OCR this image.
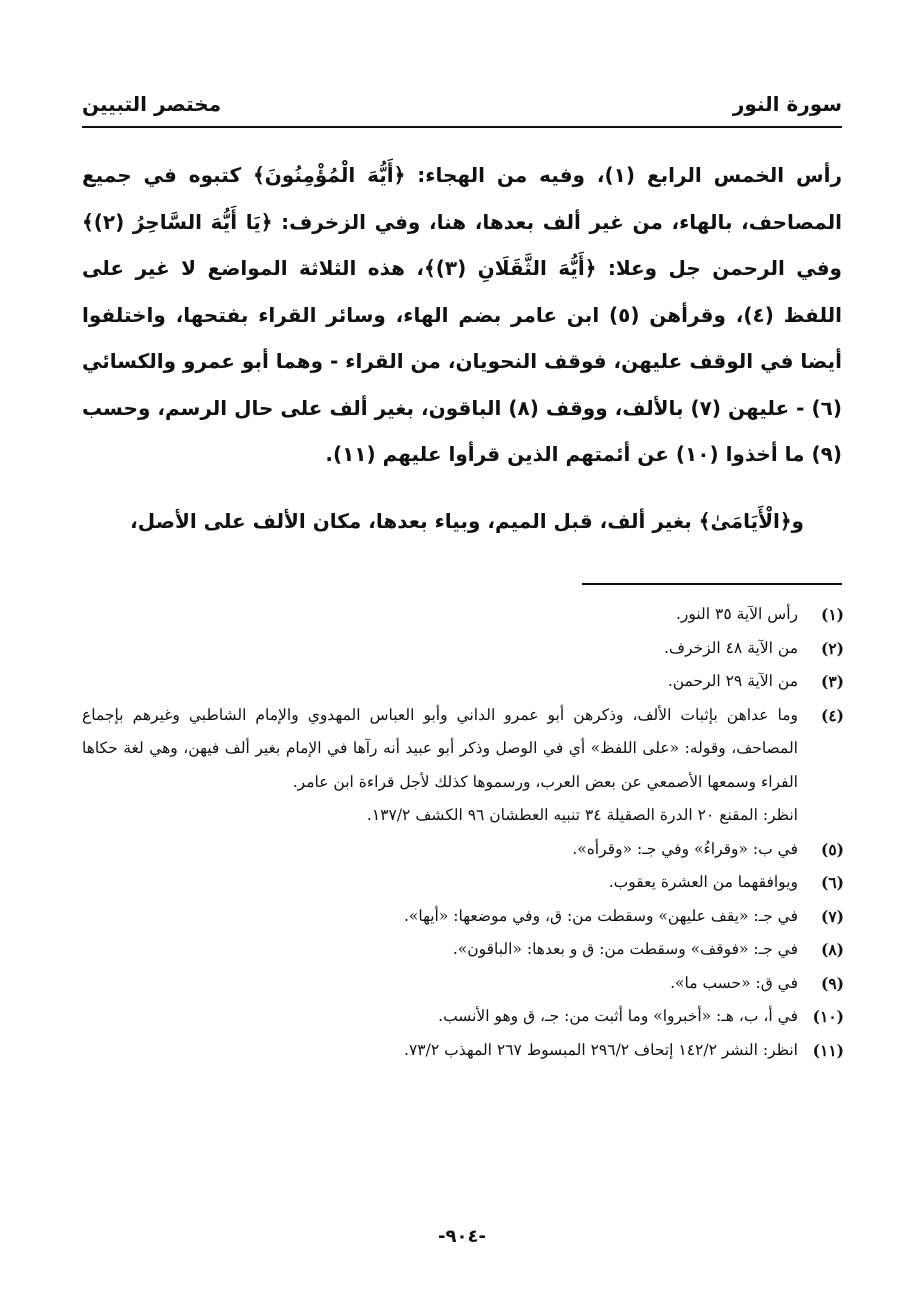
سورة النور
مختصر التبيين

رأس الخمس الرابع (١)، وفيه من الهجاء: ﴿أَيُّهَ الْمُؤْمِنُونَ﴾ كتبوه في جميع المصاحف، بالهاء، من غير ألف بعدها، هنا، وفي الزخرف: ﴿يَا أَيُّهَ السَّاحِرُ (٢)﴾ وفي الرحمن جل وعلا: ﴿أَيُّهَ الثَّقَلَانِ (٣)﴾، هذه الثلاثة المواضع لا غير على اللفظ (٤)، وقرأهن (٥) ابن عامر بضم الهاء، وسائر القراء بفتحها، واختلفوا أيضا في الوقف عليهن، فوقف النحويان، من القراء - وهما أبو عمرو والكسائي (٦) - عليهن (٧) بالألف، ووقف (٨) الباقون، بغير ألف على حال الرسم، وحسب (٩) ما أخذوا (١٠) عن أئمتهم الذين قرأوا عليهم (١١).

و﴿الْأَيَامَىٰ﴾ بغير ألف، قبل الميم، وبياء بعدها، مكان الألف على الأصل،

(١)
رأس الآية ٣٥ النور.
(٢)
من الآية ٤٨ الزخرف.
(٣)
من الآية ٢٩ الرحمن.
(٤)
وما عداهن بإثبات الألف، وذكرهن أبو عمرو الداني وأبو العباس المهدوي والإمام الشاطبي وغيرهم بإجماع المصاحف، وقوله: «على اللفظ» أي في الوصل وذكر أبو عبيد أنه رآها في الإمام بغير ألف فيهن، وهي لغة حكاها الفراء وسمعها الأصمعي عن بعض العرب، ورسموها كذلك لأجل قراءة ابن عامر.
انظر: المقنع ٢٠ الدرة الصقيلة ٣٤ تنبيه العطشان ٩٦ الكشف ١٣٧/٢.
(٥)
في ب: «وقراءُ» وفي جـ: «وقرأه».
(٦)
ويوافقهما من العشرة يعقوب.
(٧)
في جـ: «يقف عليهن» وسقطت من: ق، وفي موضعها: «أيها».
(٨)
في جـ: «فوقف» وسقطت من: ق و بعدها: «الباقون».
(٩)
في ق: «حسب ما».
(١٠)
في أ، ب، هـ: «أخبروا» وما أثبت من: جـ، ق وهو الأنسب.
(١١)
انظر: النشر ١٤٢/٢ إتحاف ٢٩٦/٢ المبسوط ٢٦٧ المهذب ٧٣/٢.
-٩٠٤-
